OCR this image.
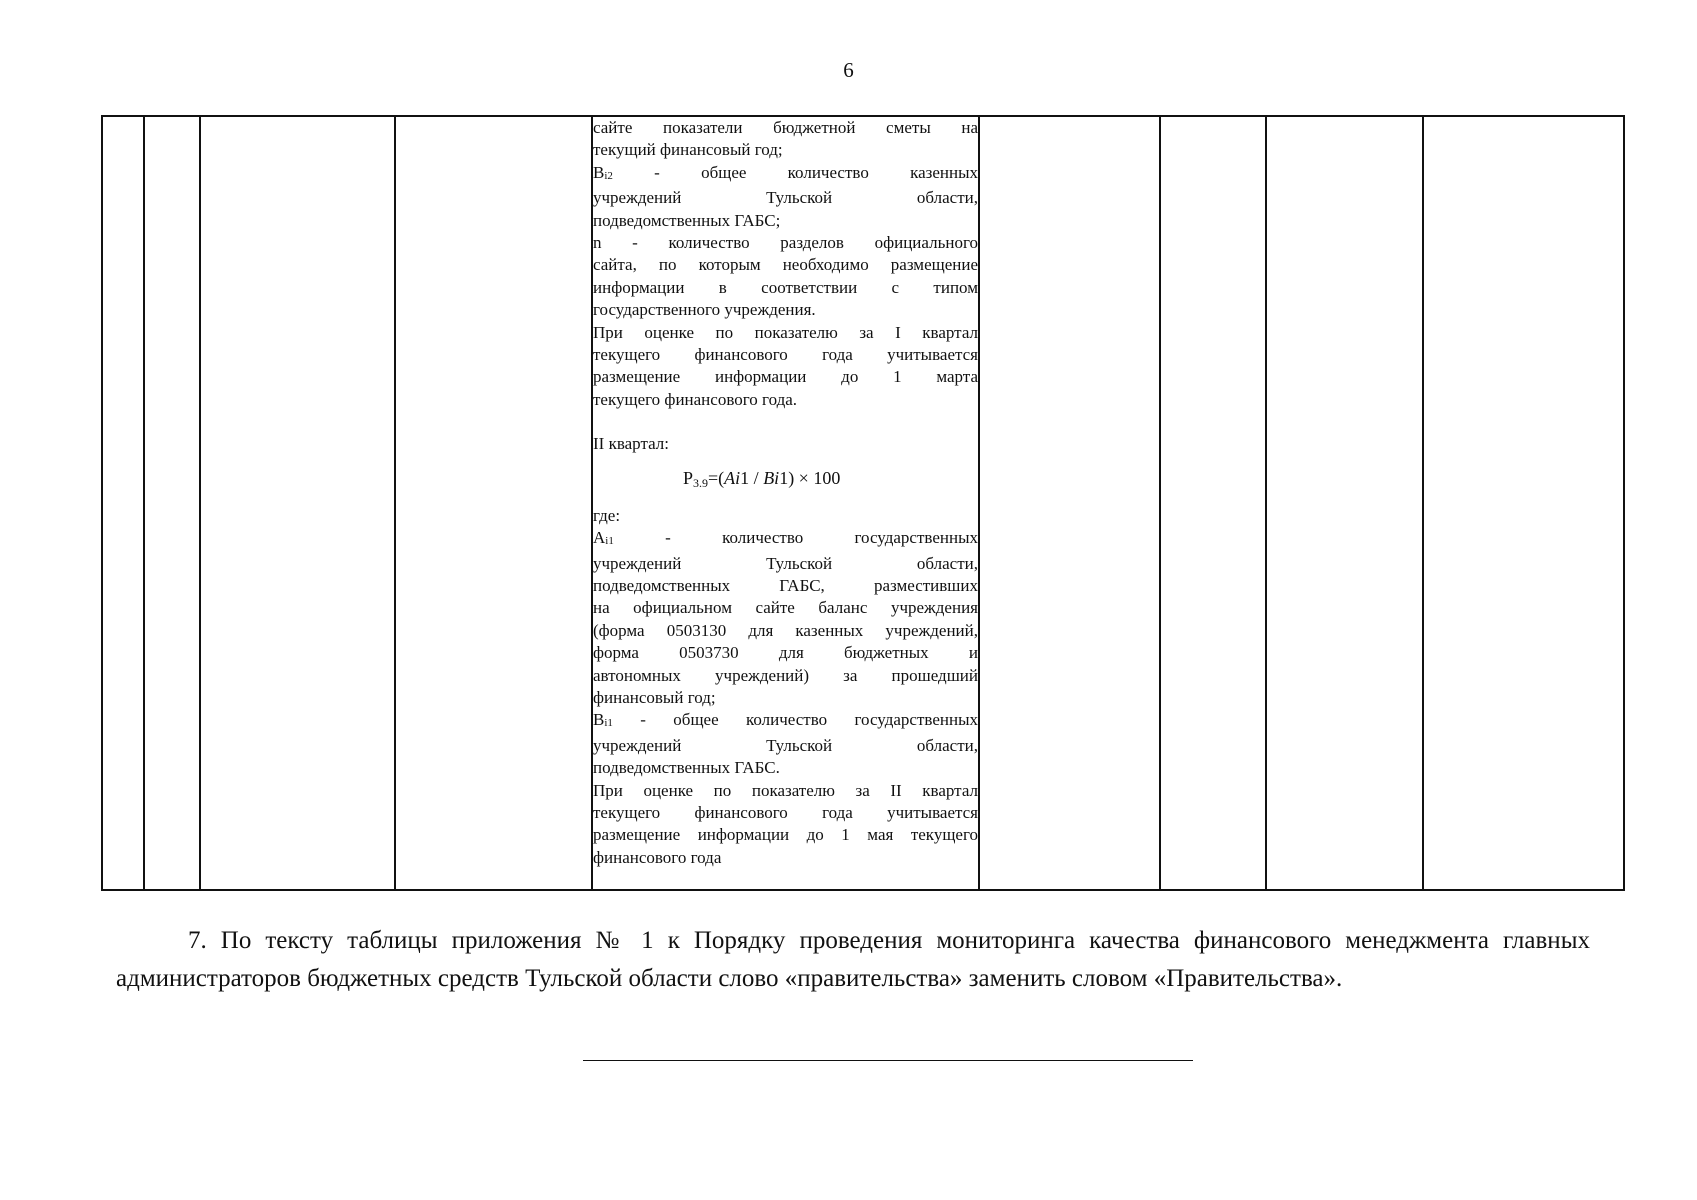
6

сайте показатели бюджетной сметы на
текущий финансовый год;
Bi2 - общее количество казенных
учреждений Тульской области,
подведомственных ГАБС;
n - количество разделов официального
сайта, по которым необходимо размещение
информации в соответствии с типом
государственного учреждения.
При оценке по показателю за I квартал
текущего финансового года учитывается
размещение информации до 1 марта
текущего финансового года.
II квартал:
Р3.9=(Ai1 / Bi1) × 100
где:
Ai1 - количество государственных
учреждений Тульской области,
подведомственных ГАБС, разместивших
на официальном сайте баланс учреждения
(форма 0503130 для казенных учреждений,
форма 0503730 для бюджетных и
автономных учреждений) за прошедший
финансовый год;
Bi1 - общее количество государственных
учреждений Тульской области,
подведомственных ГАБС.
При оценке по показателю за II квартал
текущего финансового года учитывается
размещение информации до 1 мая текущего
финансового года

7. По тексту таблицы приложения № 1 к Порядку проведения мониторинга качества финансового менеджмента главных администраторов бюджетных средств Тульской области слово «правительства» заменить словом «Правительства».
